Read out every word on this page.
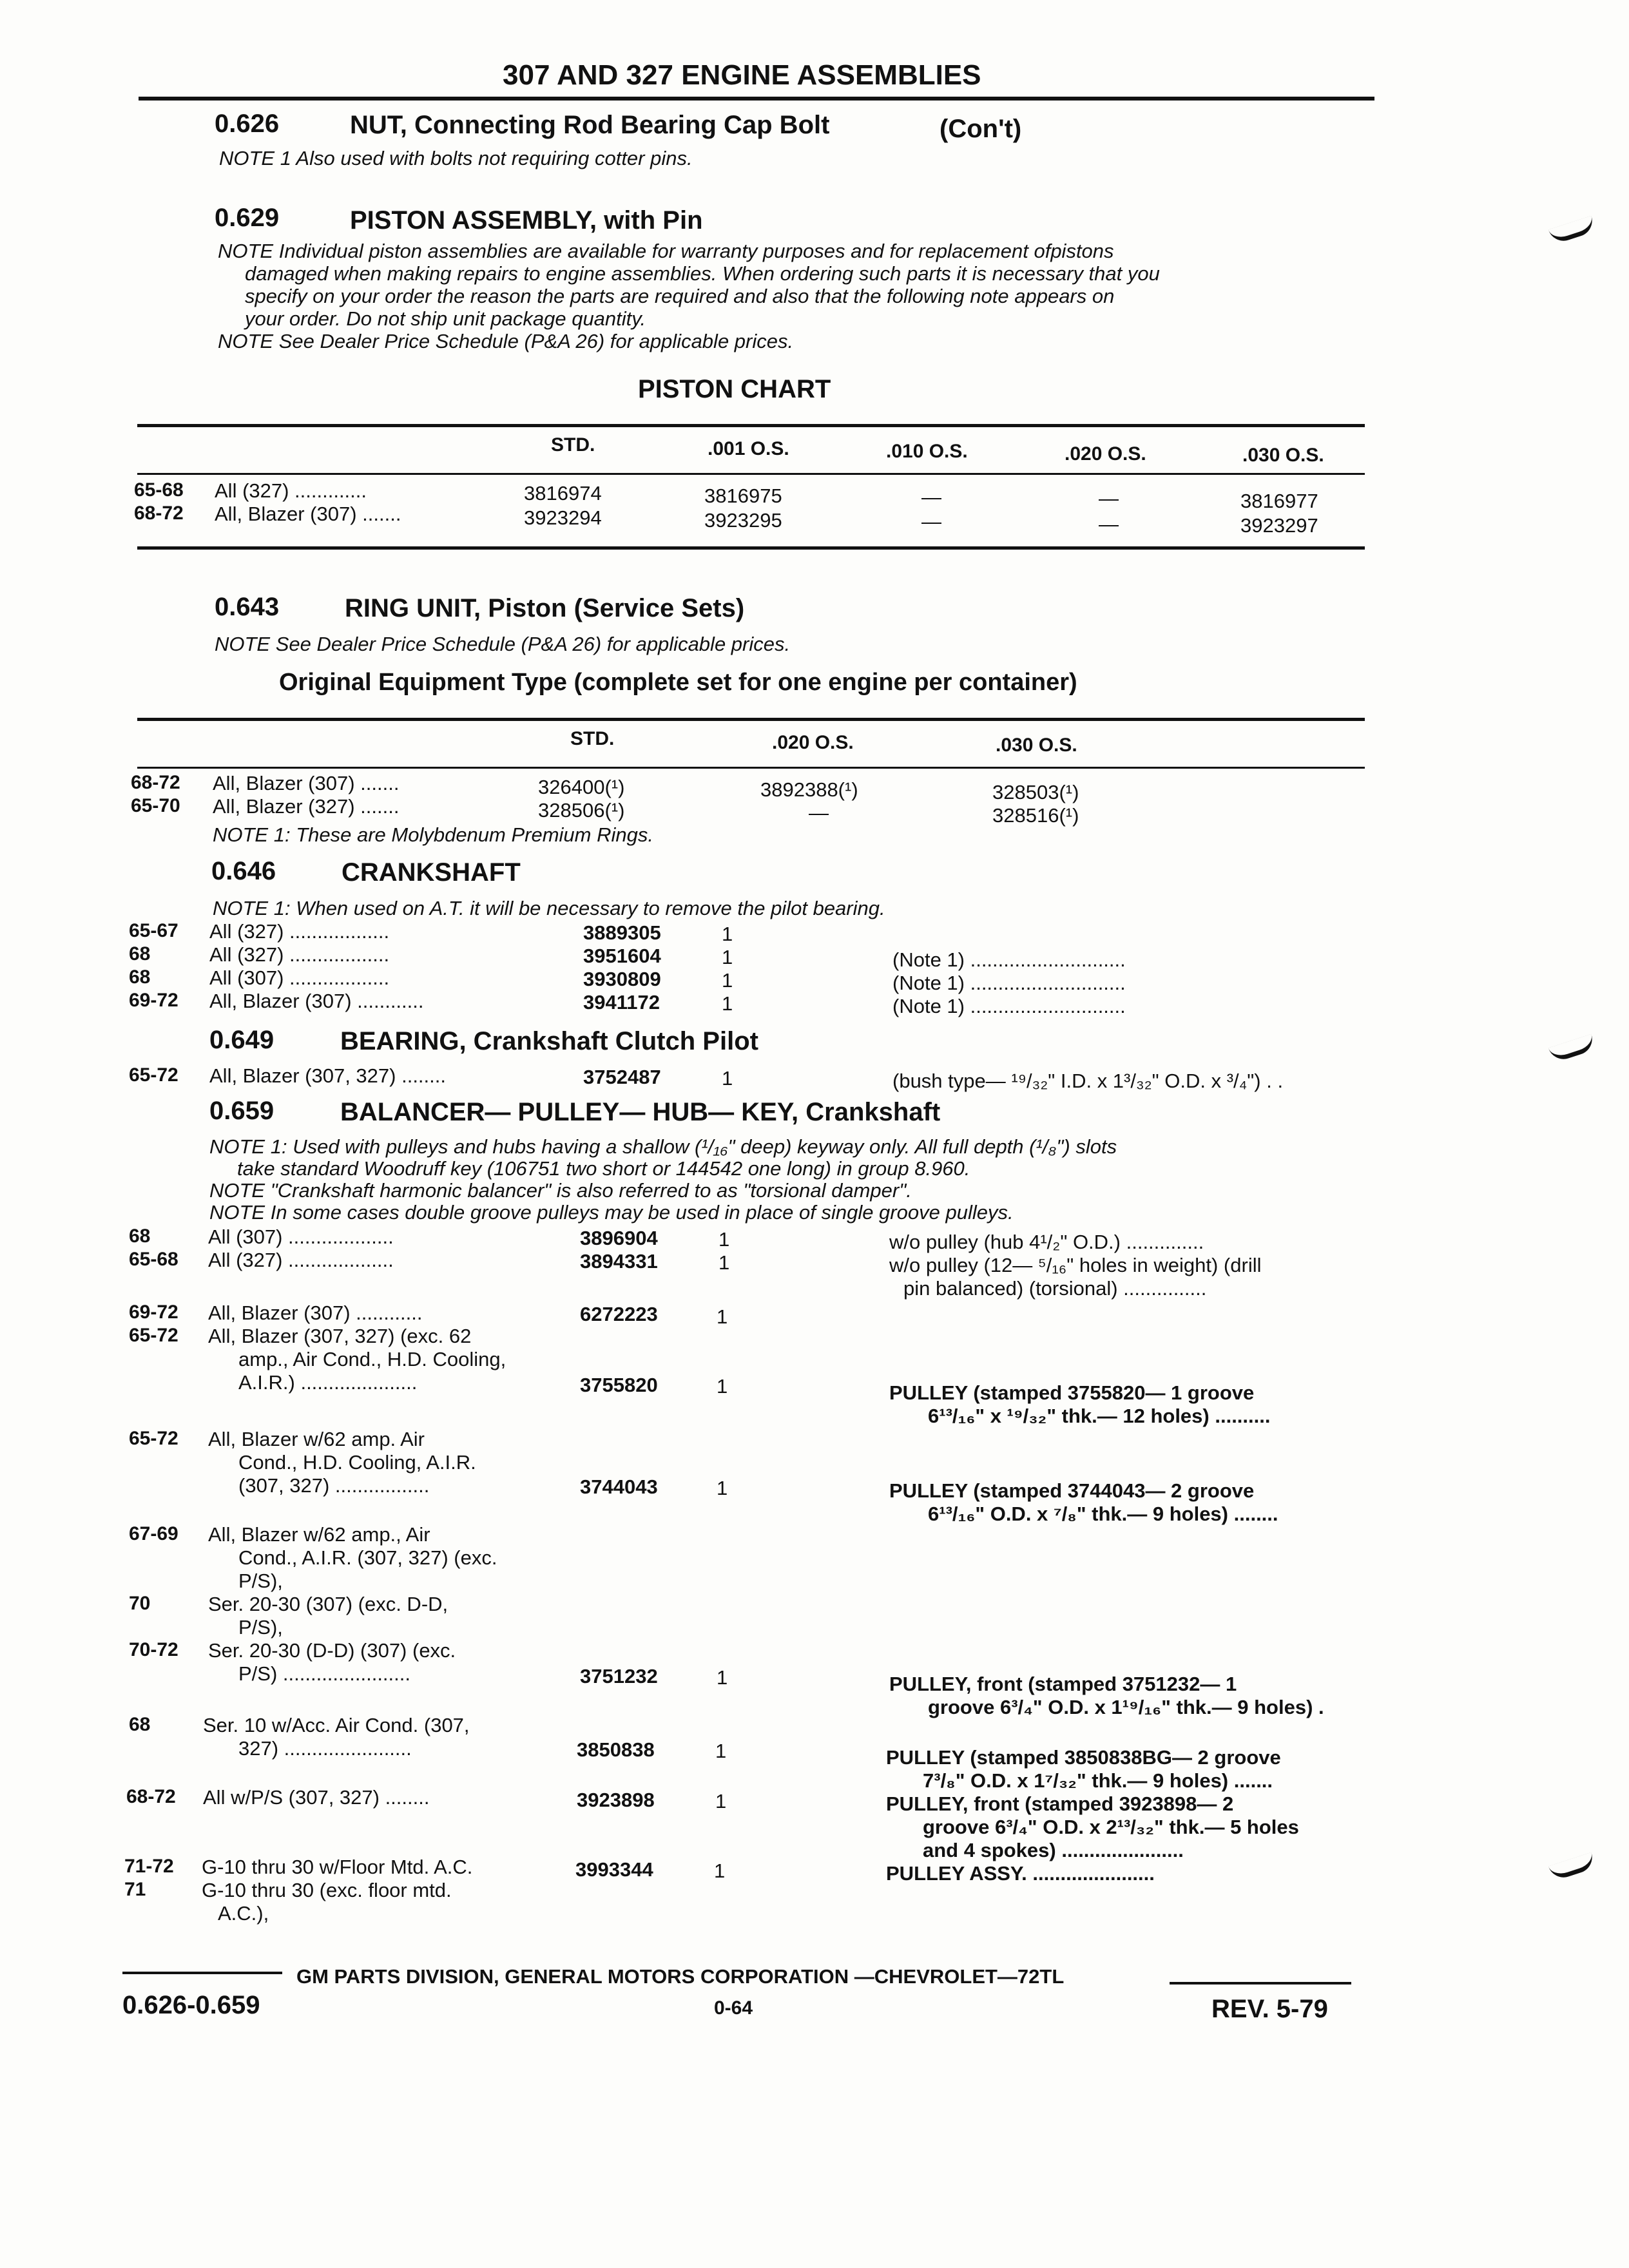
307 AND 327 ENGINE ASSEMBLIES
0.626	NUT, Connecting Rod Bearing Cap Bolt	(Con't)
NOTE 1 Also used with bolts not requiring cotter pins.
0.629	PISTON ASSEMBLY, with Pin
NOTE Individual piston assemblies are available for warranty purposes and for replacement ofpistons
damaged when making repairs to engine assemblies. When ordering such parts it is necessary that you
specify on your order the reason the parts are required and also that the following note appears on
your order. Do not ship unit package quantity.
NOTE See Dealer Price Schedule (P&A 26) for applicable prices.
PISTON CHART
STD.	.001 O.S.	.010 O.S.	.020 O.S.	.030 O.S.
65-68 All (327) .............	3816974	3816975	—	—	3816977
68-72 All, Blazer (307) .......	3923294	3923295	—	—	3923297
0.643	RING UNIT, Piston (Service Sets)
NOTE See Dealer Price Schedule (P&A 26) for applicable prices.
Original Equipment Type (complete set for one engine per container)
STD.	.020 O.S.	.030 O.S.
68-72 All, Blazer (307) .......	326400(¹)	3892388(¹)	328503(¹)
65-70 All, Blazer (327) .......	328506(¹)	—	328516(¹)
NOTE 1: These are Molybdenum Premium Rings.
0.646	CRANKSHAFT
NOTE 1: When used on A.T. it will be necessary to remove the pilot bearing.
65-67 All (327) ..................	3889305	1
68	All (327) ..................	3951604	1	(Note 1) ............................
68	All (307) ..................	3930809	1	(Note 1) ............................
69-72 All, Blazer (307) ............	3941172	1	(Note 1) ............................
0.649	BEARING, Crankshaft Clutch Pilot
65-72 All, Blazer (307, 327) ........	3752487	1	(bush type— ¹⁹/₃₂" I.D. x 1³/₃₂" O.D. x ³/₄") . .
0.659	BALANCER— PULLEY— HUB— KEY, Crankshaft
NOTE 1: Used with pulleys and hubs having a shallow (¹/₁₆" deep) keyway only. All full depth (¹/₈") slots
take standard Woodruff key (106751 two short or 144542 one long) in group 8.960.
NOTE "Crankshaft harmonic balancer" is also referred to as "torsional damper".
NOTE In some cases double groove pulleys may be used in place of single groove pulleys.
68	All (307) ...................	3896904	1	w/o pulley (hub 4¹/₂" O.D.) ..............
65-68 All (327) ...................	3894331	1	w/o pulley (12— ⁵/₁₆" holes in weight) (drill
pin balanced) (torsional) ...............
69-72 All, Blazer (307) ............	6272223	1
65-72 All, Blazer (307, 327) (exc. 62
amp., Air Cond., H.D. Cooling,
A.I.R.) .....................	3755820	1	PULLEY (stamped 3755820— 1 groove
6¹³/₁₆" x ¹⁹/₃₂" thk.— 12 holes) ..........
65-72 All, Blazer w/62 amp. Air
Cond., H.D. Cooling, A.I.R.
(307, 327) .................	3744043	1	PULLEY (stamped 3744043— 2 groove
6¹³/₁₆" O.D. x ⁷/₈" thk.— 9 holes) ........
67-69 All, Blazer w/62 amp., Air
Cond., A.I.R. (307, 327) (exc.
P/S),
70	Ser. 20-30 (307) (exc. D-D,
P/S),
70-72 Ser. 20-30 (D-D) (307) (exc.
P/S) .......................	3751232	1	PULLEY, front (stamped 3751232— 1
groove 6³/₄" O.D. x 1¹⁹/₁₆" thk.— 9 holes) .
68	Ser. 10 w/Acc. Air Cond. (307,
327) .......................	3850838	1	PULLEY (stamped 3850838BG— 2 groove
7³/₈" O.D. x 1⁷/₃₂" thk.— 9 holes) .......
68-72 All w/P/S (307, 327) ........	3923898	1	PULLEY, front (stamped 3923898— 2
groove 6³/₄" O.D. x 2¹³/₃₂" thk.— 5 holes
and 4 spokes) ......................
71-72 G-10 thru 30 w/Floor Mtd. A.C.	3993344	1	PULLEY ASSY. ......................
71	G-10 thru 30 (exc. floor mtd.
A.C.),
GM PARTS DIVISION, GENERAL MOTORS CORPORATION —CHEVROLET—72TL
0.626-0.659	0-64	REV. 5-79
